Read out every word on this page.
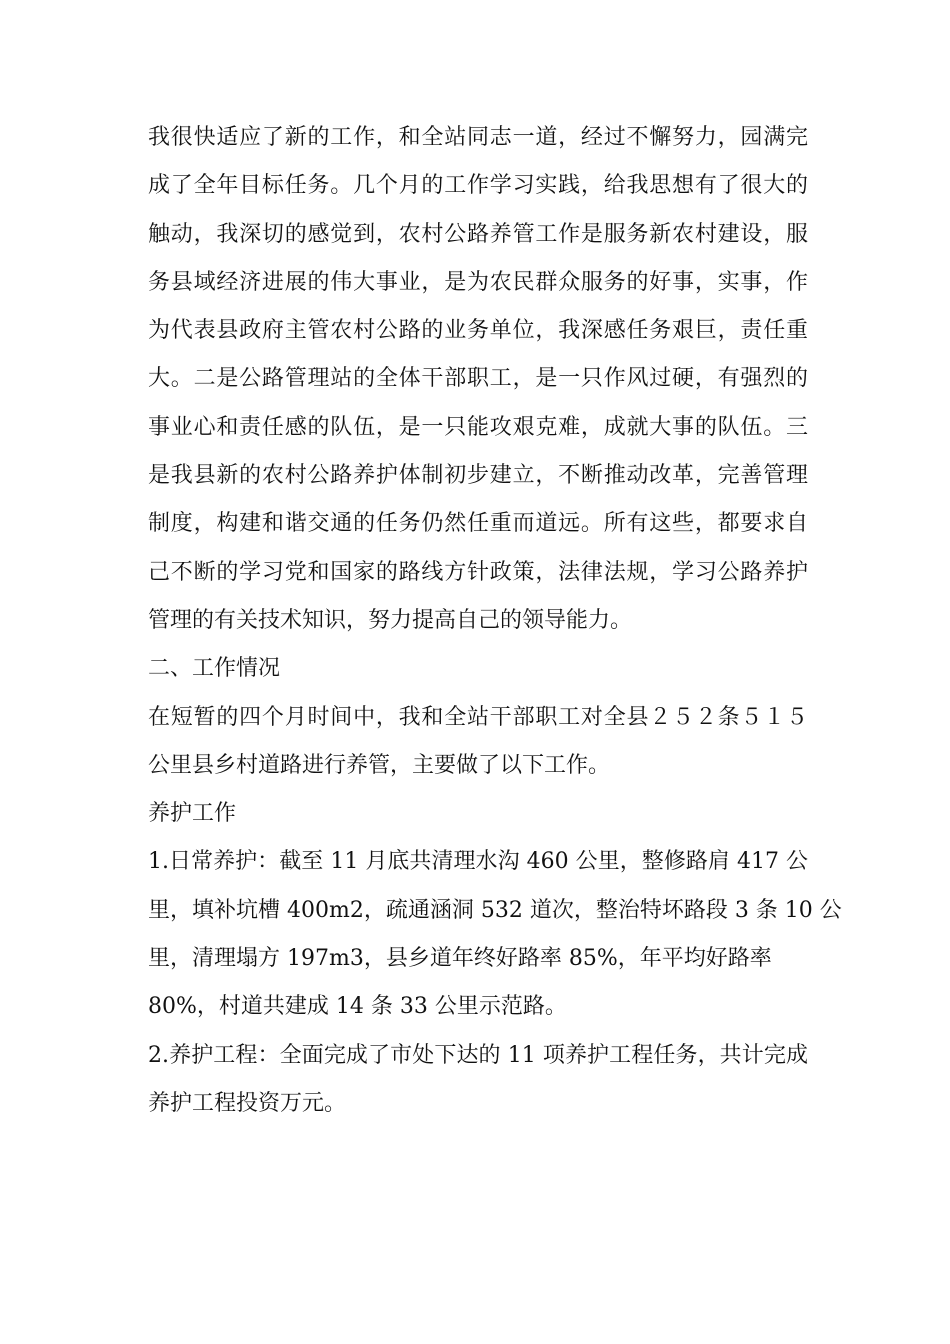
我很快适应了新的工作，和全站同志一道，经过不懈努力，园满完
成了全年目标任务。几个月的工作学习实践，给我思想有了很大的
触动，我深切的感觉到，农村公路养管工作是服务新农村建设，服
务县域经济进展的伟大事业，是为农民群众服务的好事，实事，作
为代表县政府主管农村公路的业务单位，我深感任务艰巨，责任重
大。二是公路管理站的全体干部职工，是一只作风过硬，有强烈的
事业心和责任感的队伍，是一只能攻艰克难，成就大事的队伍。三
是我县新的农村公路养护体制初步建立，不断推动改革，完善管理
制度，构建和谐交通的任务仍然任重而道远。所有这些，都要求自
己不断的学习党和国家的路线方针政策，法律法规，学习公路养护
管理的有关技术知识，努力提高自己的领导能力。
二、工作情况
在短暂的四个月时间中，我和全站干部职工对全县２５２条５１５
公里县乡村道路进行养管，主要做了以下工作。
养护工作
1.日常养护：截至 11 月底共清理水沟 460 公里，整修路肩 417 公
里，填补坑槽 400m2，疏通涵洞 532 道次，整治特坏路段 3 条 10 公
里，清理塌方 197m3，县乡道年终好路率 85%，年平均好路率
80%，村道共建成 14 条 33 公里示范路。
2.养护工程：全面完成了市处下达的 11 项养护工程任务，共计完成
养护工程投资万元。
